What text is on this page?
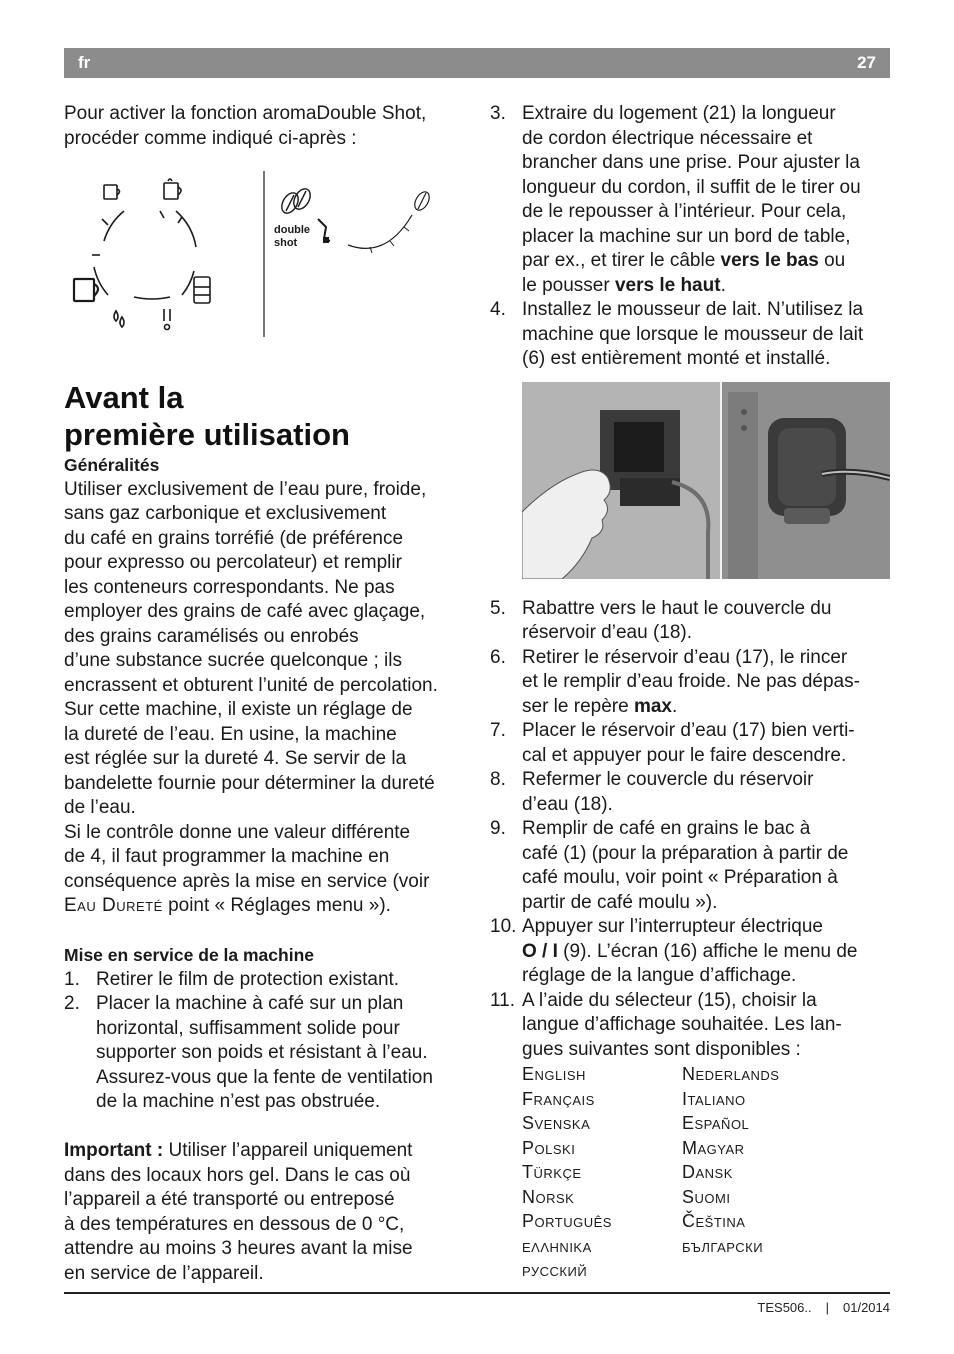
fr	27

Pour activer la fonction aromaDouble Shot,

procéder comme indiqué ci-après :

double
shot
Avant la
première utilisation

Généralités

Utiliser exclusivement de l’eau pure, froide,

sans gaz carbonique et exclusivement

du café en grains torréfié (de préférence

pour expresso ou percolateur) et remplir

les conteneurs correspondants. Ne pas

employer des grains de café avec glaçage,

des grains caramélisés ou enrobés

d’une substance sucrée quelconque ; ils

encrassent et obturent l’unité de percolation.

Sur cette machine, il existe un réglage de

la dureté de l’eau. En usine, la machine

est réglée sur la dureté 4. Se servir de la

bandelette fournie pour déterminer la dureté

de l’eau.

Si le contrôle donne une valeur différente

de 4, il faut programmer la machine en

conséquence après la mise en service (voir

Eau Dureté point « Réglages menu »).

Mise en service de la machine

1. Retirer le film de protection existant.
2. Placer la machine à café sur un plan
horizontal, suffisamment solide pour
supporter son poids et résistant à l’eau.
Assurez-vous que la fente de ventilation
de la machine n’est pas obstruée.

Important : Utiliser l’appareil uniquement

dans des locaux hors gel. Dans le cas où

l’appareil a été transporté ou entreposé

à des températures en dessous de 0 °C,

attendre au moins 3 heures avant la mise

en service de l’appareil.

3. Extraire du logement (21) la longueur
de cordon électrique nécessaire et
brancher dans une prise. Pour ajuster la
longueur du cordon, il suffit de le tirer ou
de le repousser à l’intérieur. Pour cela,
placer la machine sur un bord de table,
par ex., et tirer le câble vers le bas ou
le pousser vers le haut.
4. Installez le mousseur de lait. N’utilisez la
machine que lorsque le mousseur de lait
(6) est entièrement monté et installé.
5. Rabattre vers le haut le couvercle du
réservoir d’eau (18).
6. Retirer le réservoir d’eau (17), le rincer
et le remplir d’eau froide. Ne pas dépas-
ser le repère max.
7. Placer le réservoir d’eau (17) bien verti-
cal et appuyer pour le faire descendre.
8. Refermer le couvercle du réservoir
d’eau (18).
9. Remplir de café en grains le bac à
café (1) (pour la préparation à partir de
café moulu, voir point « Préparation à
partir de café moulu »).
10. Appuyer sur l’interrupteur électrique
O / I (9). L’écran (16) affiche le menu de
réglage de la langue d’affichage.
11. A l’aide du sélecteur (15), choisir la
langue d’affichage souhaitée. Les lan-
gues suivantes sont disponibles :
English	Nederlands
Français	Italiano
Svenska	Español
Polski	Magyar
Türkçe	Dansk
Norsk	Suomi
Português	Čeština
ελληνικα	български
русский
TES506.. | 01/2014
